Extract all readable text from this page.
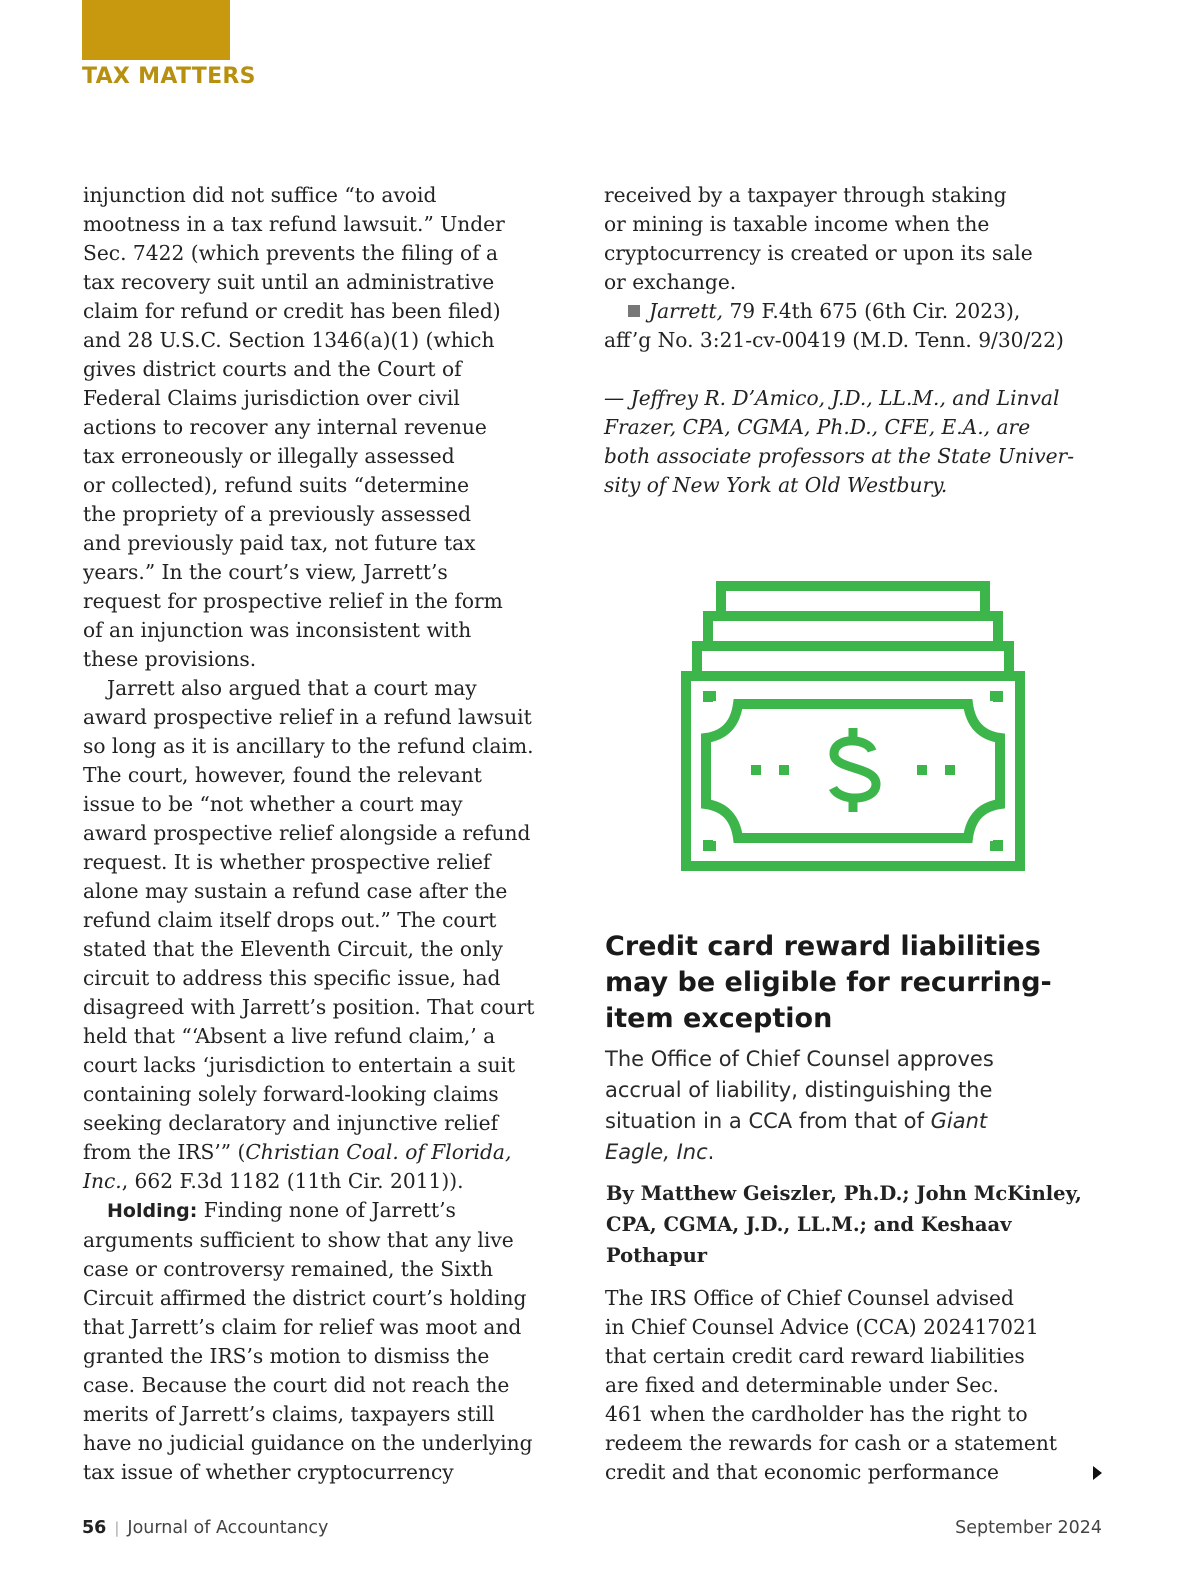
TAX MATTERS

injunction did not suffice “to avoid
mootness in a tax refund lawsuit.” Under
Sec. 7422 (which prevents the filing of a
tax recovery suit until an administrative
claim for refund or credit has been filed)
and 28 U.S.C. Section 1346(a)(1) (which
gives district courts and the Court of
Federal Claims jurisdiction over civil
actions to recover any internal revenue
tax erroneously or illegally assessed
or collected), refund suits “determine
the propriety of a previously assessed
and previously paid tax, not future tax
years.” In the court’s view, Jarrett’s
request for prospective relief in the form
of an injunction was inconsistent with
these provisions.

Jarrett also argued that a court may
award prospective relief in a refund lawsuit
so long as it is ancillary to the refund claim.
The court, however, found the relevant
issue to be “not whether a court may
award prospective relief alongside a refund
request. It is whether prospective relief
alone may sustain a refund case after the
refund claim itself drops out.” The court
stated that the Eleventh Circuit, the only
circuit to address this specific issue, had
disagreed with Jarrett’s position. That court
held that “‘Absent a live refund claim,’ a
court lacks ‘jurisdiction to entertain a suit
containing solely forward-looking claims
seeking declaratory and injunctive relief
from the IRS’” (Christian Coal. of Florida,
Inc., 662 F.3d 1182 (11th Cir. 2011)).

Holding: Finding none of Jarrett’s
arguments sufficient to show that any live
case or controversy remained, the Sixth
Circuit affirmed the district court’s holding
that Jarrett’s claim for relief was moot and
granted the IRS’s motion to dismiss the
case. Because the court did not reach the
merits of Jarrett’s claims, taxpayers still
have no judicial guidance on the underlying
tax issue of whether cryptocurrency

received by a taxpayer through staking
or mining is taxable income when the
cryptocurrency is created or upon its sale
or exchange.

Jarrett, 79 F.4th 675 (6th Cir. 2023),
aff’g No. 3:21-cv-00419 (M.D. Tenn. 9/30/22)

— Jeffrey R. D’Amico, J.D., LL.M., and Linval
Frazer, CPA, CGMA, Ph.D., CFE, E.A., are
both associate professors at the State Univer-
sity of New York at Old Westbury.

Credit card reward liabilities
may be eligible for recurring-
item exception

The Office of Chief Counsel approves
accrual of liability, distinguishing the
situation in a CCA from that of Giant
Eagle, Inc.

By Matthew Geiszler, Ph.D.; John McKinley,
CPA, CGMA, J.D., LL.M.; and Keshaav
Pothapur

The IRS Office of Chief Counsel advised
in Chief Counsel Advice (CCA) 202417021
that certain credit card reward liabilities
are fixed and determinable under Sec.
461 when the cardholder has the right to
redeem the rewards for cash or a statement
credit and that economic performance

56 | Journal of Accountancy	September 2024
